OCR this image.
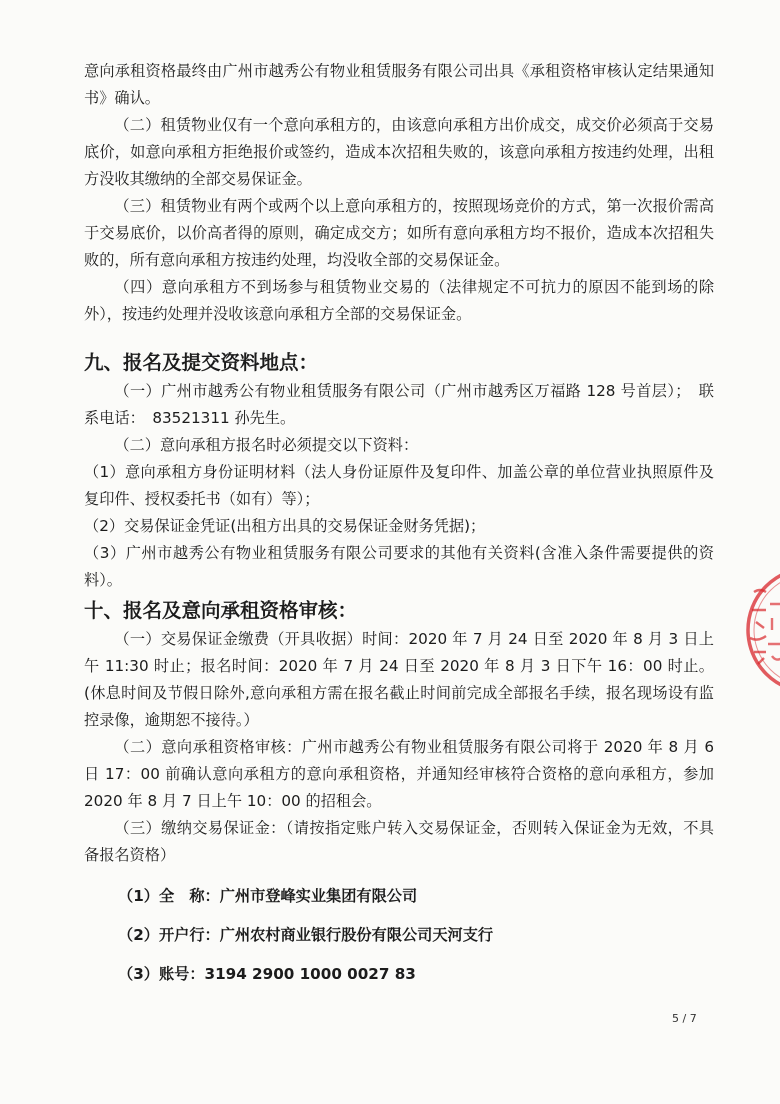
意向承租资格最终由广州市越秀公有物业租赁服务有限公司出具《承租资格审核认定结果通知书》确认。

（二）租赁物业仅有一个意向承租方的，由该意向承租方出价成交，成交价必须高于交易底价，如意向承租方拒绝报价或签约，造成本次招租失败的，该意向承租方按违约处理，出租方没收其缴纳的全部交易保证金。

（三）租赁物业有两个或两个以上意向承租方的，按照现场竞价的方式，第一次报价需高于交易底价，以价高者得的原则，确定成交方；如所有意向承租方均不报价，造成本次招租失败的，所有意向承租方按违约处理，均没收全部的交易保证金。

（四）意向承租方不到场参与租赁物业交易的（法律规定不可抗力的原因不能到场的除外），按违约处理并没收该意向承租方全部的交易保证金。

九、报名及提交资料地点：

（一）广州市越秀公有物业租赁服务有限公司（广州市越秀区万福路 128 号首层）；　联系电话：　83521311 孙先生。

（二）意向承租方报名时必须提交以下资料：

（1）意向承租方身份证明材料（法人身份证原件及复印件、加盖公章的单位营业执照原件及复印件、授权委托书（如有）等）；

（2）交易保证金凭证(出租方出具的交易保证金财务凭据)；

（3）广州市越秀公有物业租赁服务有限公司要求的其他有关资料(含准入条件需要提供的资料）。

十、报名及意向承租资格审核：

（一）交易保证金缴费（开具收据）时间：2020 年 7 月 24 日至 2020 年 8 月 3 日上午 11:30 时止；报名时间：2020 年 7 月 24 日至 2020 年 8 月 3 日下午 16：00 时止。(休息时间及节假日除外,意向承租方需在报名截止时间前完成全部报名手续，报名现场设有监控录像，逾期恕不接待。）

（二）意向承租资格审核：广州市越秀公有物业租赁服务有限公司将于 2020 年 8 月 6 日 17：00 前确认意向承租方的意向承租资格，并通知经审核符合资格的意向承租方，参加 2020 年 8 月 7 日上午 10：00 的招租会。

（三）缴纳交易保证金：（请按指定账户转入交易保证金，否则转入保证金为无效，不具备报名资格）

（1）全　称：广州市登峰实业集团有限公司

（2）开户行：广州农村商业银行股份有限公司天河支行

（3）账号：3194 2900 1000 0027 83

5 / 7
